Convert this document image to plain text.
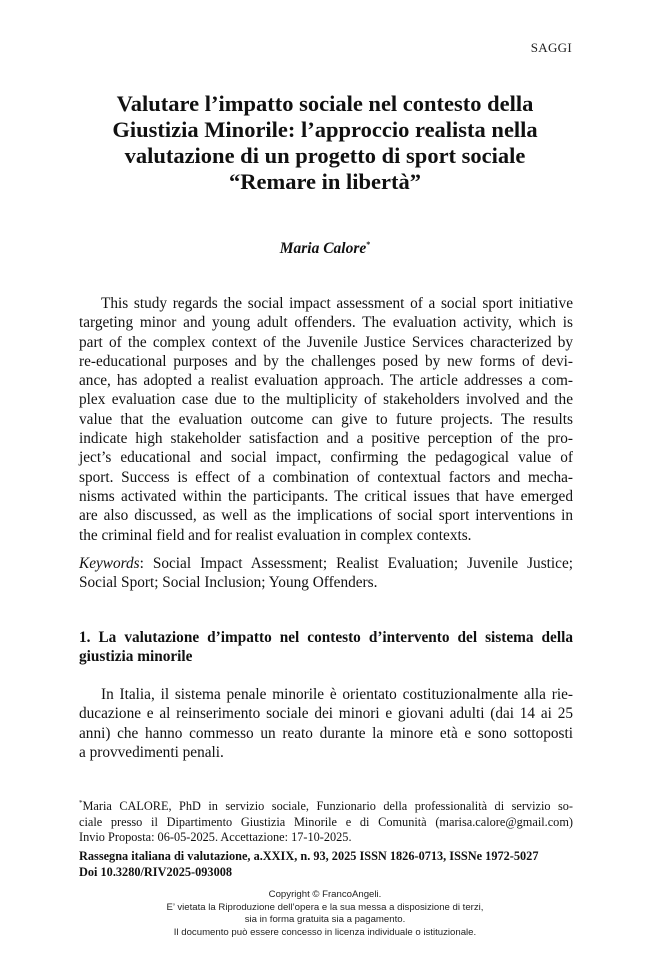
SAGGI
Valutare l’impatto sociale nel contesto della
Giustizia Minorile: l’approccio realista nella
valutazione di un progetto di sport sociale
“Remare in libertà”
Maria Calore*
This study regards the social impact assessment of a social sport initiative
targeting minor and young adult offenders. The evaluation activity, which is
part of the complex context of the Juvenile Justice Services characterized by
re-educational purposes and by the challenges posed by new forms of devi-
ance, has adopted a realist evaluation approach. The article addresses a com-
plex evaluation case due to the multiplicity of stakeholders involved and the
value that the evaluation outcome can give to future projects. The results
indicate high stakeholder satisfaction and a positive perception of the pro-
ject’s educational and social impact, confirming the pedagogical value of
sport. Success is effect of a combination of contextual factors and mecha-
nisms activated within the participants. The critical issues that have emerged
are also discussed, as well as the implications of social sport interventions in
the criminal field and for realist evaluation in complex contexts.
Keywords: Social Impact Assessment; Realist Evaluation; Juvenile Justice;
Social Sport; Social Inclusion; Young Offenders.
1. La valutazione d’impatto nel contesto d’intervento del sistema della
giustizia minorile
In Italia, il sistema penale minorile è orientato costituzionalmente alla rie-
ducazione e al reinserimento sociale dei minori e giovani adulti (dai 14 ai 25
anni) che hanno commesso un reato durante la minore età e sono sottoposti
a provvedimenti penali.
*Maria CALORE, PhD in servizio sociale, Funzionario della professionalità di servizio so-
ciale presso il Dipartimento Giustizia Minorile e di Comunità (marisa.calore@gmail.com)
Invio Proposta: 06-05-2025. Accettazione: 17-10-2025.
Rassegna italiana di valutazione, a.XXIX, n. 93, 2025 ISSN 1826-0713, ISSNe 1972-5027
Doi 10.3280/RIV2025-093008
Copyright © FrancoAngeli.
E’ vietata la Riproduzione dell’opera e la sua messa a disposizione di terzi,
sia in forma gratuita sia a pagamento.
Il documento può essere concesso in licenza individuale o istituzionale.
